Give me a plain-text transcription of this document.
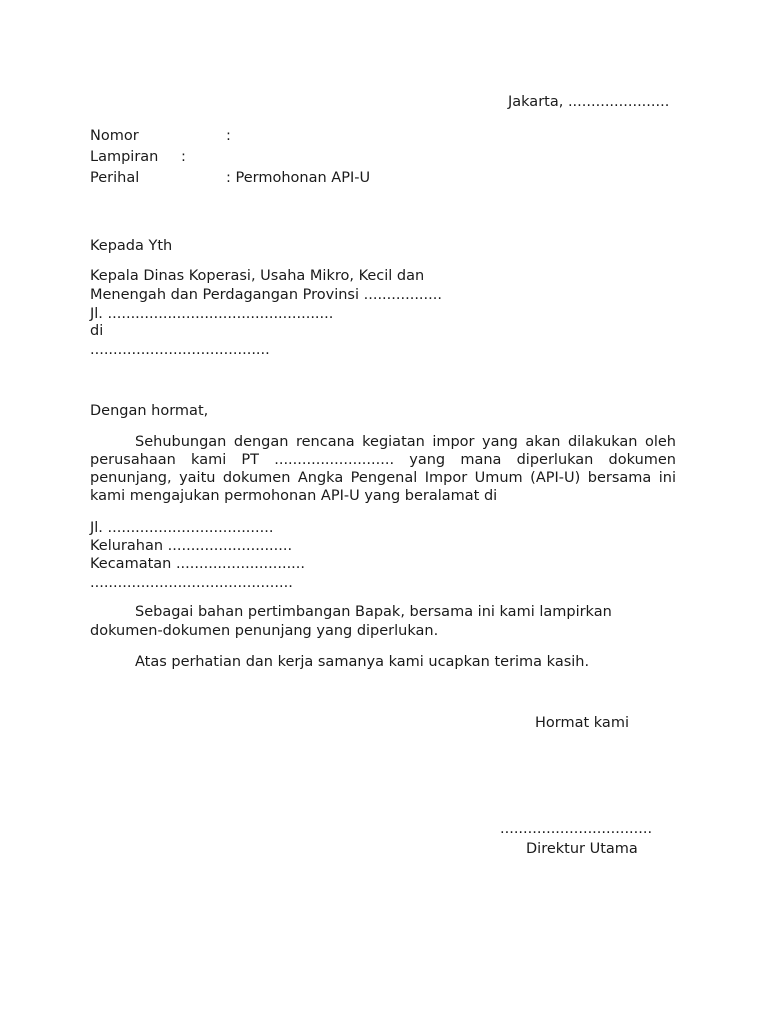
Jakarta, ......................
Nomor	:
Lampiran :
Perihal	: Permohonan API-U
Kepada Yth
Kepala Dinas Koperasi, Usaha Mikro, Kecil dan
Menengah dan Perdagangan Provinsi .................
Jl. .................................................
di
.......................................
Dengan hormat,
Sehubungan dengan rencana kegiatan impor yang akan dilakukan oleh
perusahaan kami PT .......................... yang mana diperlukan dokumen
penunjang, yaitu dokumen Angka Pengenal Impor Umum (API-U) bersama ini
kami mengajukan permohonan API-U yang beralamat di
Jl. ....................................
Kelurahan ...........................
Kecamatan ............................
............................................
Sebagai bahan pertimbangan Bapak, bersama ini kami lampirkan
dokumen-dokumen penunjang yang diperlukan.
Atas perhatian dan kerja samanya kami ucapkan terima kasih.
Hormat kami
.................................
Direktur Utama
